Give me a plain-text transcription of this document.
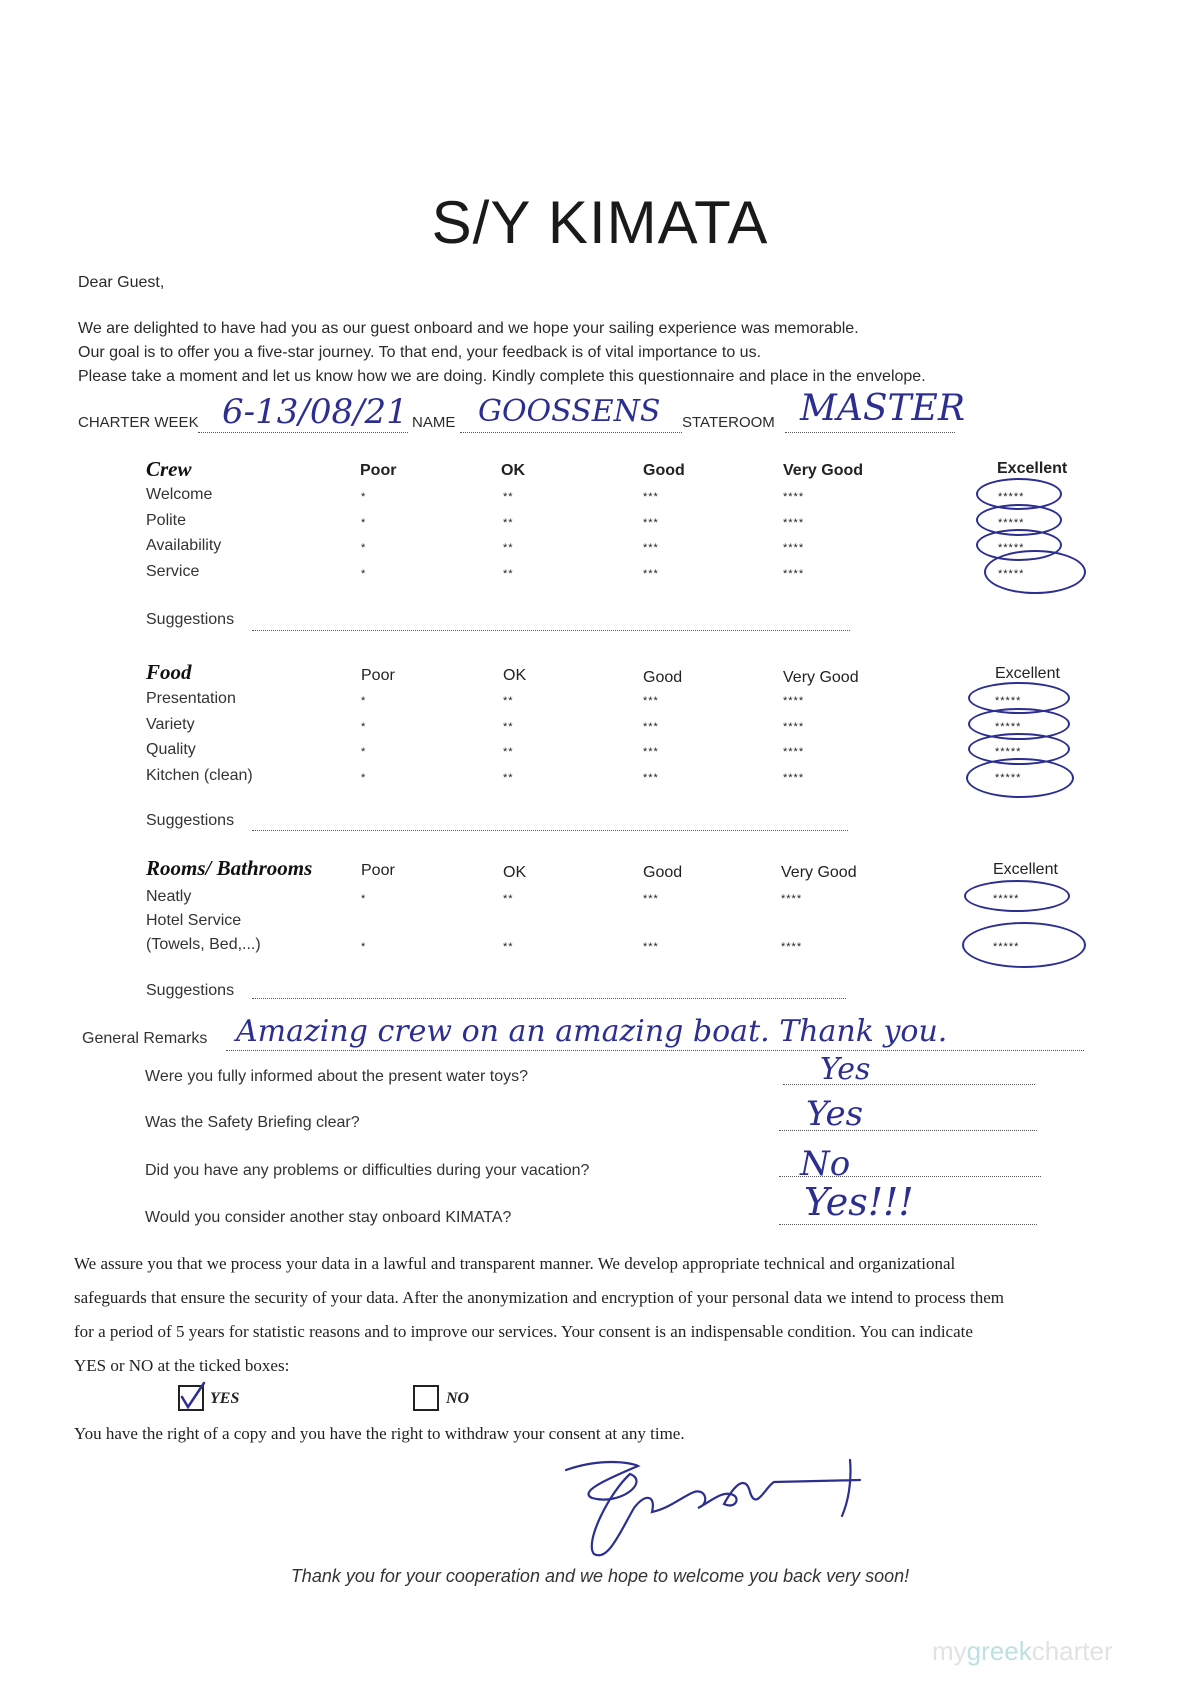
S/Y KIMATA
Dear Guest,
We are delighted to have had you as our guest onboard and we hope your sailing experience was memorable.
Our goal is to offer you a five-star journey. To that end, your feedback is of vital importance to us.
Please take a moment and let us know how we are doing. Kindly complete this questionnaire and place in the envelope.
CHARTER WEEK 6-13/08/21 NAME GOOSSENS STATEROOM MASTER
Crew	Poor	OK	Good	Very Good	Excellent
Welcome	*	**	***	****	*****
Polite	*	**	***	****	*****
Availability	*	**	***	****	*****
Service	*	**	***	****	*****
Suggestions
Food	Poor	OK	Good	Very Good	Excellent
Presentation	*	**	***	****	*****
Variety	*	**	***	****	*****
Quality	*	**	***	****	*****
Kitchen (clean)	*	**	***	****	*****
Suggestions
Rooms/ Bathrooms	Poor	OK	Good	Very Good	Excellent
Neatly	*	**	***	****	*****
Hotel Service
(Towels, Bed,...)	*	**	***	****	*****
Suggestions
General Remarks Amazing crew on an amazing boat. Thank you.
Were you fully informed about the present water toys?	Yes
Was the Safety Briefing clear?	Yes
Did you have any problems or difficulties during your vacation?	No
Would you consider another stay onboard KIMATA?	Yes!!!
We assure you that we process your data in a lawful and transparent manner. We develop appropriate technical and organizational
safeguards that ensure the security of your data. After the anonymization and encryption of your personal data we intend to process them
for a period of 5 years for statistic reasons and to improve our services. Your consent is an indispensable condition. You can indicate
YES or NO at the ticked boxes:
YES	NO
You have the right of a copy and you have the right to withdraw your consent at any time.
Thank you for your cooperation and we hope to welcome you back very soon!
mygreekcharter
